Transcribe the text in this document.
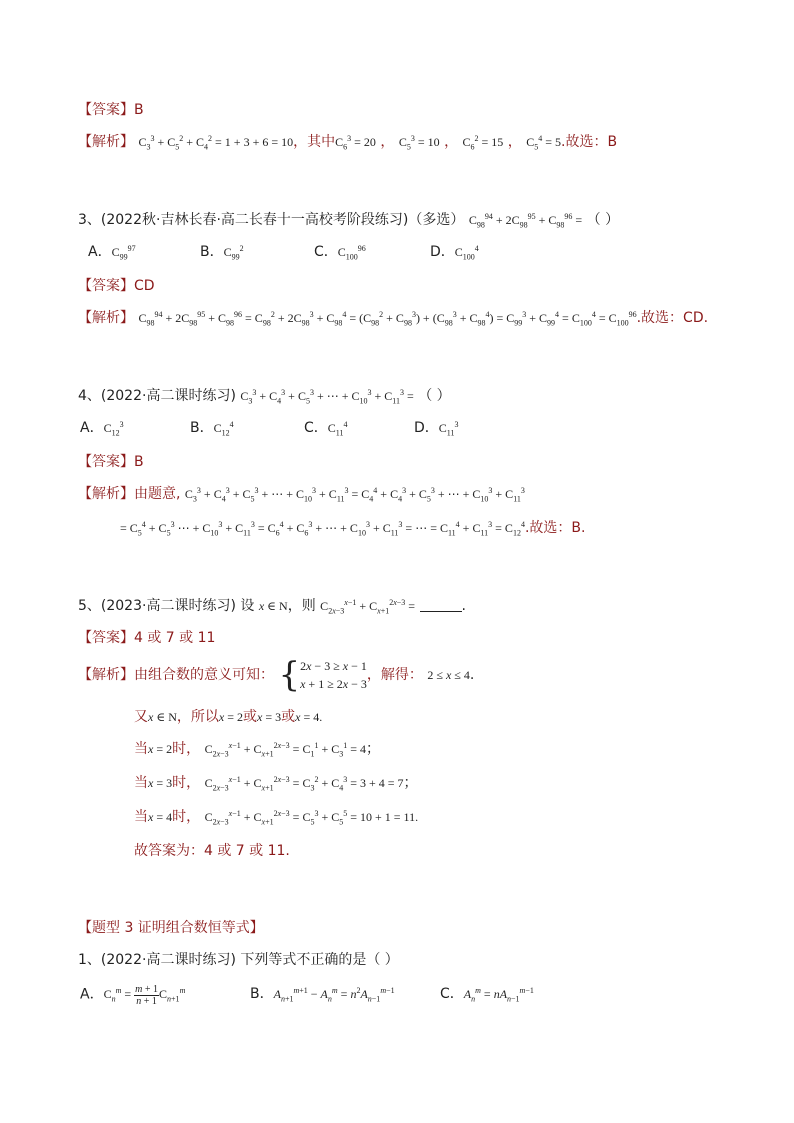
【答案】B
【解析】 $C_3^3 + C_5^2 + C_4^2 = 1 + 3 + 6 = 10$，其中$C_6^3 = 20$ ， $C_5^3 = 10$ ， $C_6^2 = 15$ ， $C_5^4 = 5$.故选：B
3、(2022秋·吉林长春·高二长春十一高校考阶段练习)（多选） $C_{98}^{94} + 2C_{98}^{95} + C_{98}^{96}$ = （ ）
A．$C_{99}^{97}$	B．$C_{99}^2$	C．$C_{100}^{96}$	D．$C_{100}^4$
【答案】CD
【解析】 $C_{98}^{94} + 2C_{98}^{95} + C_{98}^{96} = C_{98}^2 + 2C_{98}^3 + C_{98}^4 = (C_{98}^2 + C_{98}^3) + (C_{98}^3 + C_{98}^4) = C_{99}^3 + C_{99}^4 = C_{100}^4 = C_{100}^{96}$.故选：CD.
4、(2022·高二课时练习) $C_3^3 + C_4^3 + C_5^3$ + ⋯ + $C_{10}^3 + C_{11}^3$ = （ ）
A．$C_{12}^3$	B．$C_{12}^4$	C．$C_{11}^4$	D．$C_{11}^3$
【答案】B
【解析】由题意, $C_3^3 + C_4^3 + C_5^3$ + ⋯ + $C_{10}^3 + C_{11}^3 = C_4^4 + C_4^3 + C_5^3$ + ⋯ + $C_{10}^3 + C_{11}^3$
= $C_5^4 + C_5^3$ ⋯ + $C_{10}^3 + C_{11}^3 = C_6^4 + C_6^3$ + ⋯ + $C_{10}^3 + C_{11}^3$ = ⋯ = $C_{11}^4 + C_{11}^3 = C_{12}^4$.故选：B.
5、(2023·高二课时练习) 设 x ∈ N，则 $C_{2x-3}^{x-1} + C_{x+1}^{2x-3}$ =	.
【答案】4 或 7 或 11
【解析】由组合数的意义可知： {2x − 3 ≥ x − 1
x + 1 ≥ 2x − 3，解得： 2 ≤ x ≤ 4.
又x ∈ N，所以x = 2或x = 3或x = 4.
当x = 2时， $C_{2x-3}^{x-1} + C_{x+1}^{2x-3} = C_1^1 + C_3^1 = 4$；
当x = 3时， $C_{2x-3}^{x-1} + C_{x+1}^{2x-3} = C_3^2 + C_4^3 = 3 + 4 = 7$；
当x = 4时， $C_{2x-3}^{x-1} + C_{x+1}^{2x-3} = C_5^3 + C_5^5 = 10 + 1 = 11$.
故答案为：4 或 7 或 11.
【题型 3 证明组合数恒等式】
1、(2022·高二课时练习) 下列等式不正确的是（ ）
A．$C_n^m = \frac{m + 1}{n + 1} C_{n+1}^m$	B．$A_{n+1}^{m+1} - A_n^m = n^2A_{n-1}^{m-1}$	C．$A_n^m = nA_{n-1}^{m-1}$
